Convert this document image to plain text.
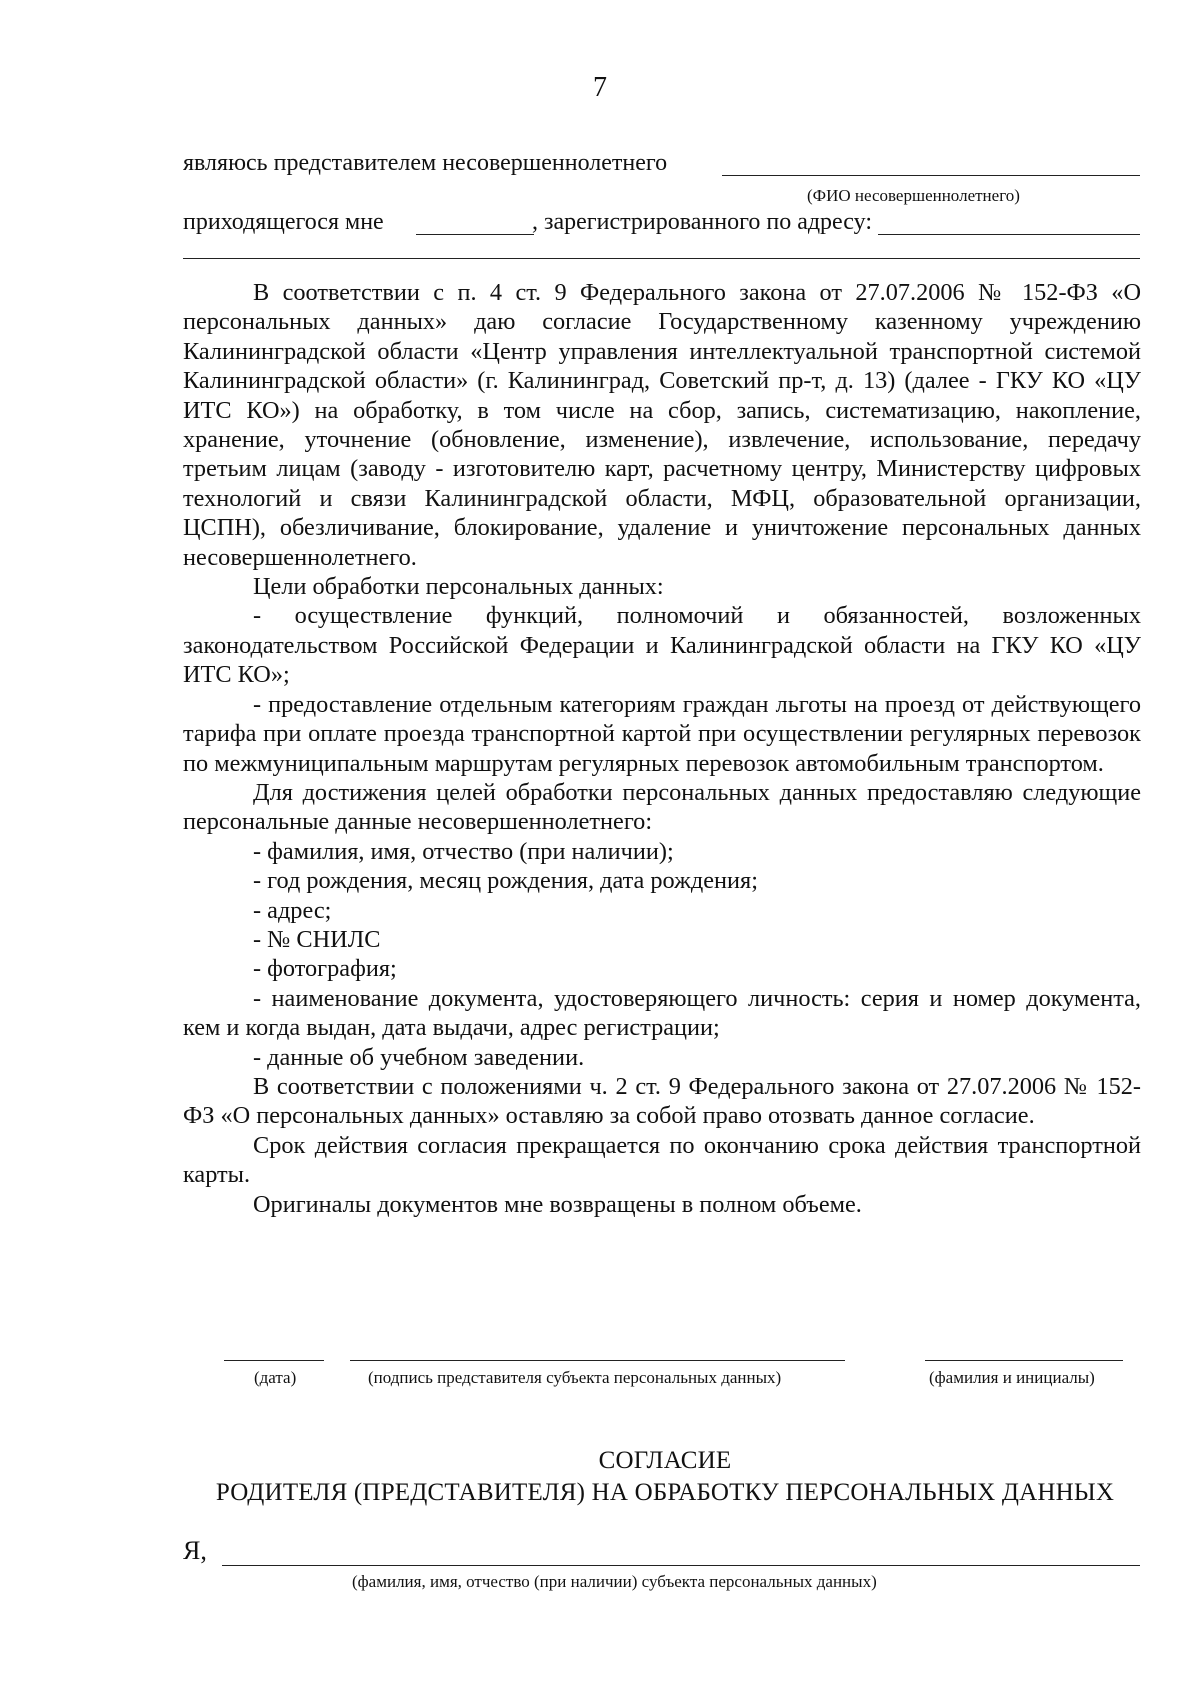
7
являюсь представителем несовершеннолетнего
(ФИО несовершеннолетнего)
приходящегося мне	, зарегистрированного по адресу:

В соответствии с п. 4 ст. 9 Федерального закона от 27.07.2006 № 152-ФЗ «О персональных данных» даю согласие Государственному казенному учреждению Калининградской области «Центр управления интеллектуальной транспортной системой Калининградской области» (г. Калининград, Советский пр-т, д. 13) (далее - ГКУ КО «ЦУ ИТС КО») на обработку, в том числе на сбор, запись, систематизацию, накопление, хранение, уточнение (обновление, изменение), извлечение, использование, передачу третьим лицам (заводу - изготовителю карт, расчетному центру, Министерству цифровых технологий и связи Калининградской области, МФЦ, образовательной организации, ЦСПН), обезличивание, блокирование, удаление и уничтожение персональных данных несовершеннолетнего.

Цели обработки персональных данных:

- осуществление функций, полномочий и обязанностей, возложенных законодательством Российской Федерации и Калининградской области на ГКУ КО «ЦУ ИТС КО»;

- предоставление отдельным категориям граждан льготы на проезд от действующего тарифа при оплате проезда транспортной картой при осуществлении регулярных перевозок по межмуниципальным маршрутам регулярных перевозок автомобильным транспортом.

Для достижения целей обработки персональных данных предоставляю следующие персональные данные несовершеннолетнего:

- фамилия, имя, отчество (при наличии);

- год рождения, месяц рождения, дата рождения;

- адрес;

- № СНИЛС

- фотография;

- наименование документа, удостоверяющего личность: серия и номер документа, кем и когда выдан, дата выдачи, адрес регистрации;

- данные об учебном заведении.

В соответствии с положениями ч. 2 ст. 9 Федерального закона от 27.07.2006 № 152-ФЗ «О персональных данных» оставляю за собой право отозвать данное согласие.

Срок действия согласия прекращается по окончанию срока действия транспортной карты.

Оригиналы документов мне возвращены в полном объеме.

(дата)	(подпись представителя субъекта персональных данных)	(фамилия и инициалы)
СОГЛАСИЕ
РОДИТЕЛЯ (ПРЕДСТАВИТЕЛЯ) НА ОБРАБОТКУ ПЕРСОНАЛЬНЫХ ДАННЫХ
Я,
(фамилия, имя, отчество (при наличии) субъекта персональных данных)
